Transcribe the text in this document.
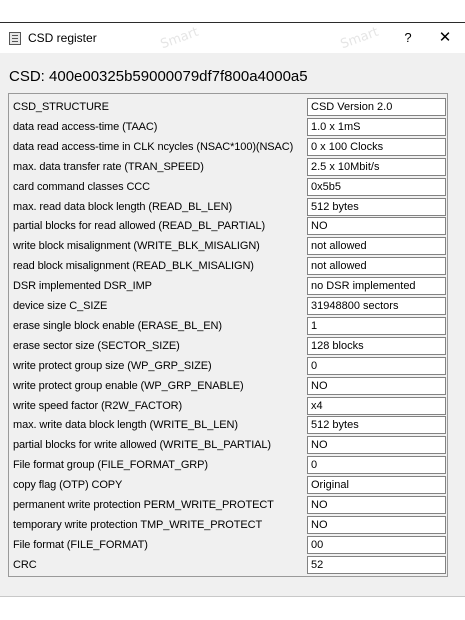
CSD register	?	✕
CSD: 400e00325b59000079df7f800a4000a5
CSD_STRUCTURE	CSD Version 2.0
data read access-time (TAAC)	1.0 x 1mS
data read access-time in CLK ncycles (NSAC*100)(NSAC)	0 x 100 Clocks
max. data transfer rate (TRAN_SPEED)	2.5 x 10Mbit/s
card command classes CCC	0x5b5
max. read data block length (READ_BL_LEN)	512 bytes
partial blocks for read allowed (READ_BL_PARTIAL)	NO
write block misalignment (WRITE_BLK_MISALIGN)	not allowed
read block misalignment (READ_BLK_MISALIGN)	not allowed
DSR implemented DSR_IMP	no DSR implemented
device size C_SIZE	31948800 sectors
erase single block enable (ERASE_BL_EN)	1
erase sector size (SECTOR_SIZE)	128 blocks
write protect group size (WP_GRP_SIZE)	0
write protect group enable (WP_GRP_ENABLE)	NO
write speed factor (R2W_FACTOR)	x4
max. write data block length (WRITE_BL_LEN)	512 bytes
partial blocks for write allowed (WRITE_BL_PARTIAL)	NO
File format group (FILE_FORMAT_GRP)	0
copy flag (OTP) COPY	Original
permanent write protection PERM_WRITE_PROTECT	NO
temporary write protection TMP_WRITE_PROTECT	NO
File format (FILE_FORMAT)	00
CRC	52
Smart	Smart
